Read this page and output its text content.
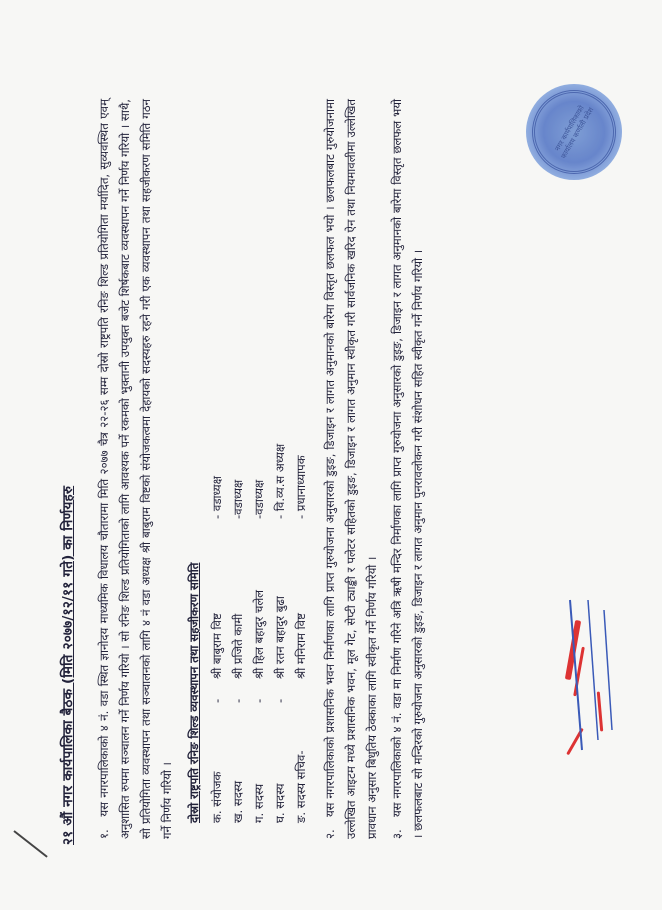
२१ औं नगर कार्यपालिका बैठक (मिति २०७७/१२/११ गते) का निर्णयहरु १. यस नगरपालिकाको ४ नं. वडा स्थित ज्ञानोदय माध्यमिक विधालय चौतारामा मिति २०७७ चैत्र २२-२६ सम्म दोस्रो राष्ट्रपति रनिङ शिल्ड प्रतियोगिता मर्यादित, सुव्यवस्थित एवम् अनुशासित रुपमा सञ्चालन गर्ने निर्णय गरियो । सो रनिङ शिल्ड प्रतियोगिताको लागि आवश्यक पर्ने रकमको भुक्तानी उपयुक्त बजेट शिर्षकबाट व्यवस्थापन गर्ने निर्णय गरियो । साथै, सो प्रतियोगिता व्यवस्थापन तथा सञ्चालनको लागि ४ नं वडा अध्यक्ष श्री बाबुराम विष्टको संयोजकत्वमा देहायको सदस्यहरु रहने गरी एक व्यवस्थापन तथा सहजीकरण समिति गठन गर्ने निर्णय गरियो ।	दोस्रो राष्ट्रपति रनिङ शिल्ड व्यवस्थापन तथा सहजीकरण समिति क. संयोजक
-
श्री बाबुराम विष्ट
- वडाध्यक्ष
ख. सदस्य
-
श्री प्रजिते कामी
-वडाध्यक्ष
ग. सदस्य
-
श्री हिल बहादुर चलेल
-वडाध्यक्ष
घ. सदस्य
-
श्री रतन बहादुर बुढा
- वि.व्य.स अध्यक्ष
ङ. सदस्य सचिव-
श्री मनिराम विष्ट
- प्रधानाध्यापक

२. यस नगरपालिकाको प्रशासनिक भवन निर्माणका लागि प्राप्त गुरुयोजना अनुसारको डुइङ, डिजाइन र लागत अनुमानको बारेमा विस्तृत छलफल भयो । छलफलबाट गुरुयोजनामा उल्लेखित आइटम मध्ये प्रशासनिक भवन, मूल गेट, सेप्टी ट्याङ्की र पलेटर सहितको डुइङ, डिजाइन र लागत अनुमान स्वीकृत गरी सार्वजनिक खरिद ऐन तथा नियमावलीमा उल्लेखित प्रावधान अनुसार बिधुतिय ठेक्काका लागि स्वीकृत गर्ने निर्णय गरियो । ३. यस नगरपालिकाको ४ नं. वडा मा निर्माण गरिने अत्रि ऋषी मन्दिर निर्माणका लागि प्राप्त गुरुयोजना अनुसारको डुइङ, डिजाइन र लागत अनुमानको बारेमा विस्तृत छलफल भयो । छलफलबाट सो मन्दिरको गुरुयोजना अनुसारको डुइङ, डिजाइन र लागत अनुमान पुनरावलोकन गरी संशोधन सहित स्वीकृत गर्ने निर्णय गरियो ।

नगर कार्यपालिकाको कार्यालय कर्णाली प्रदेश
